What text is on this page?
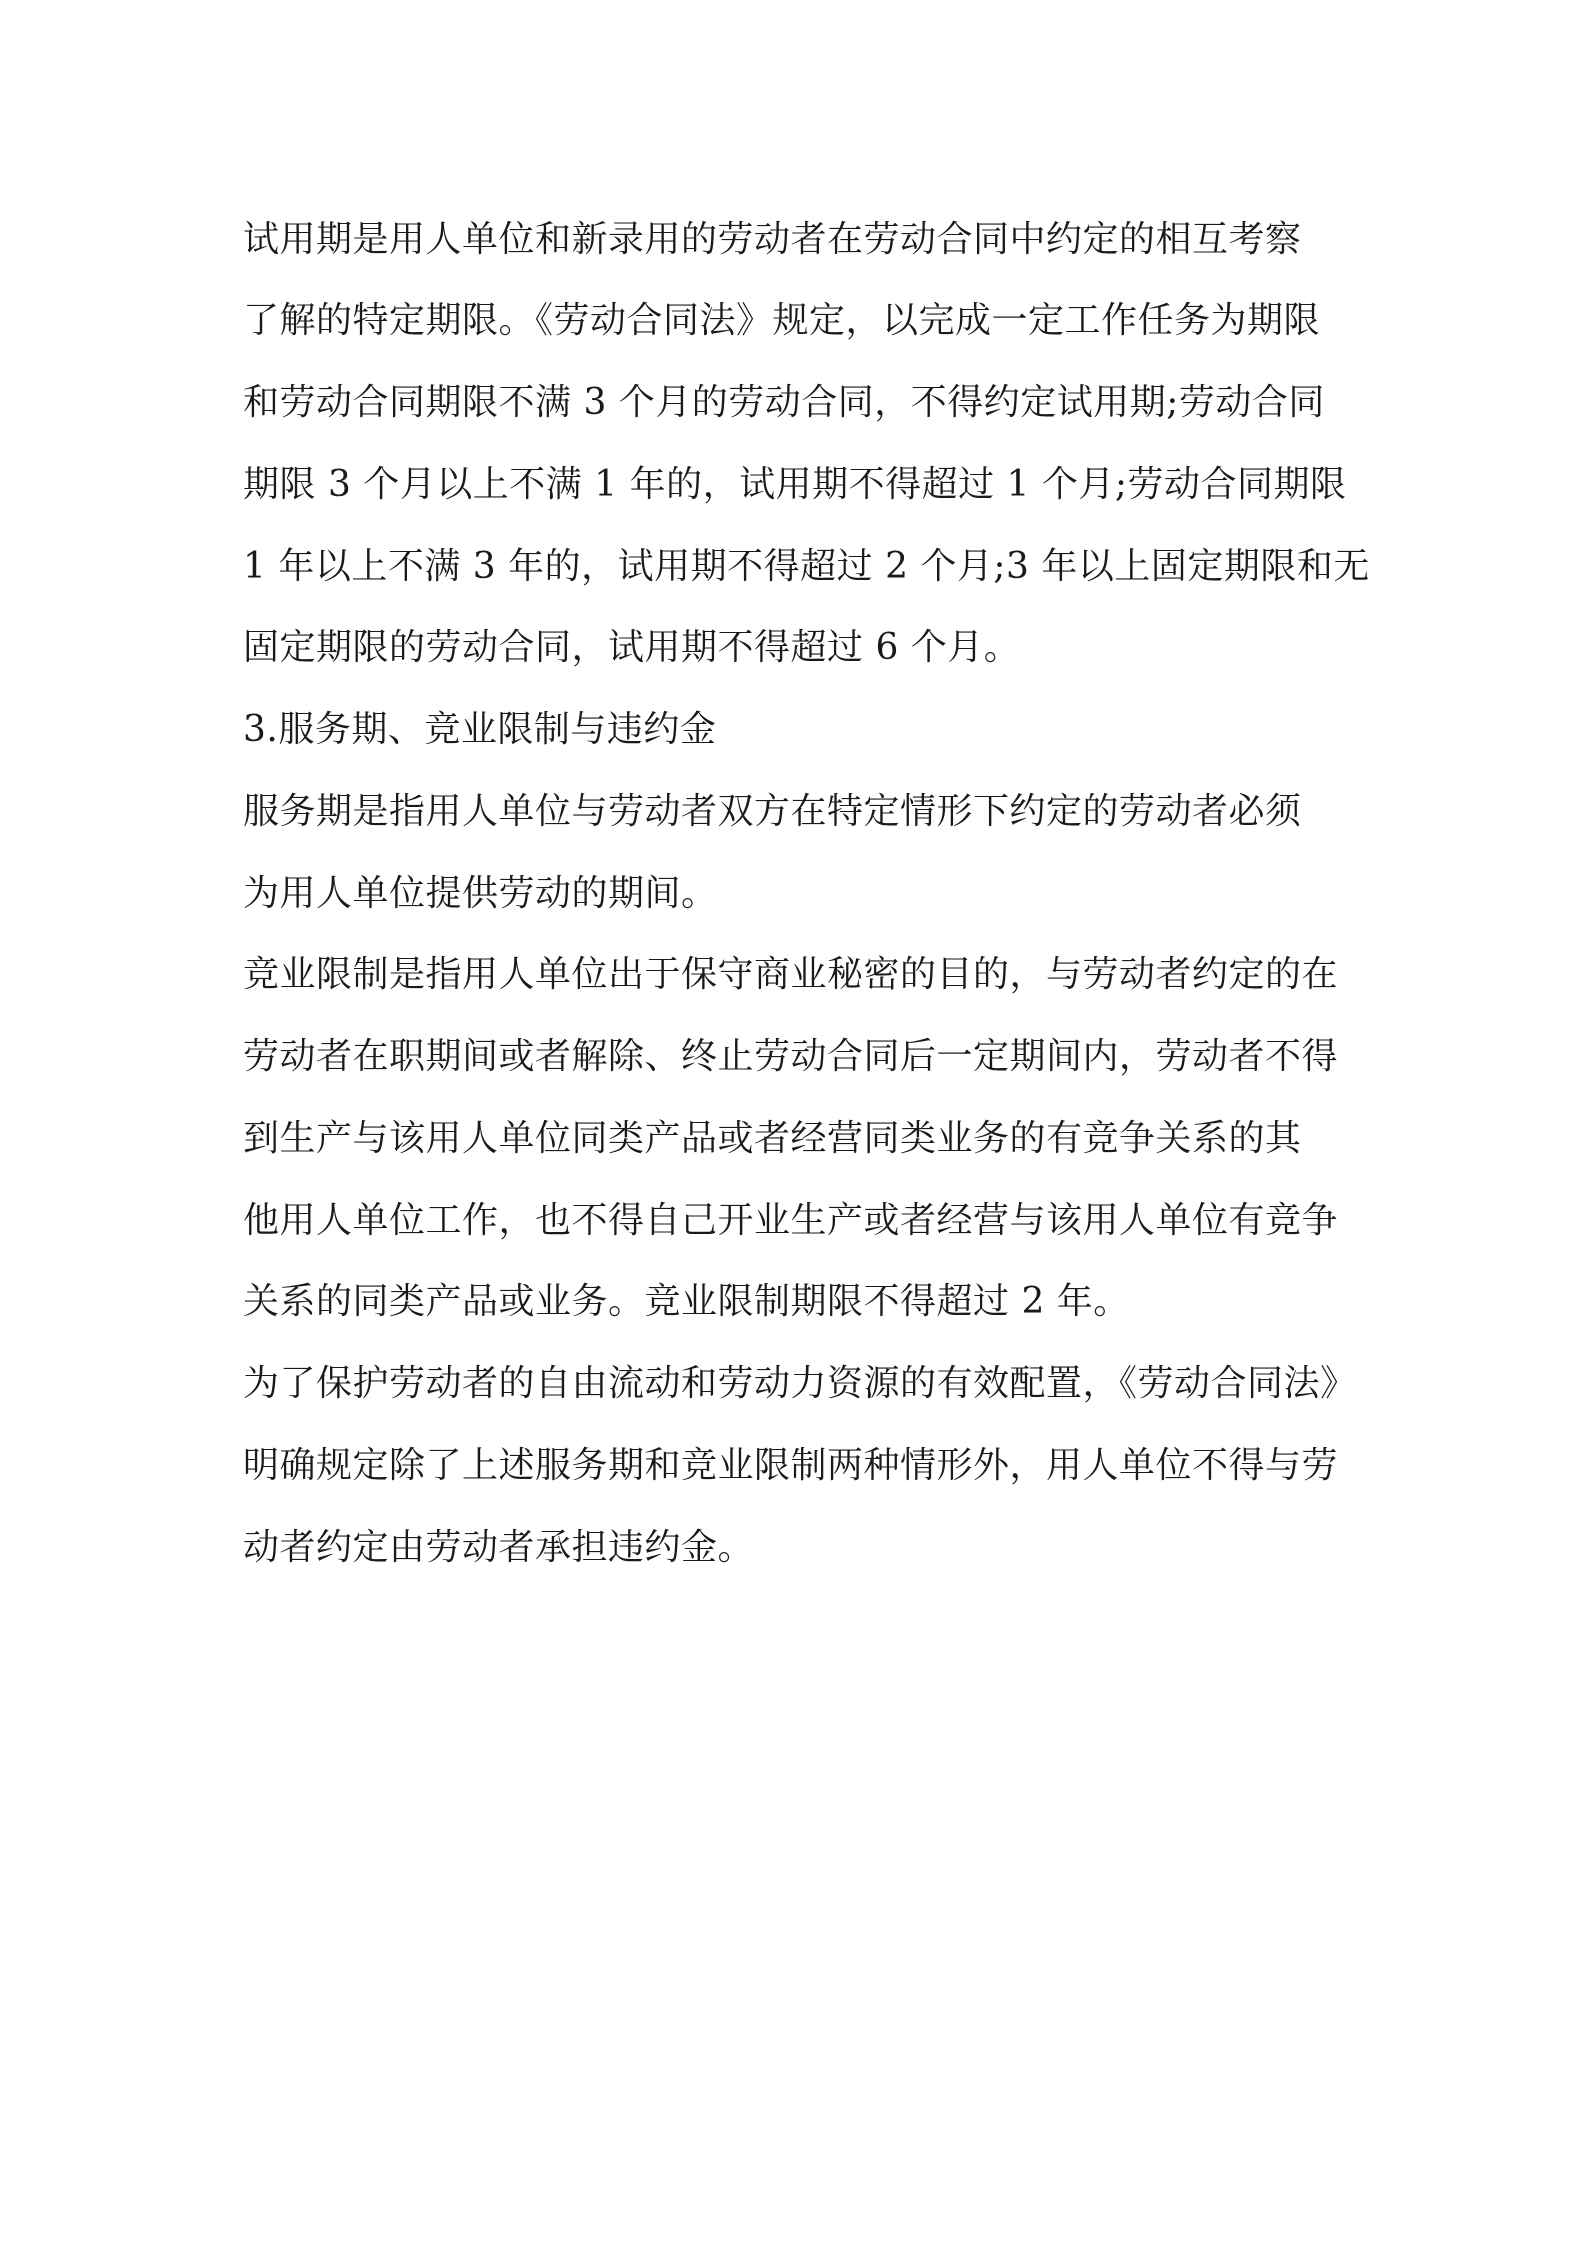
试用期是用人单位和新录用的劳动者在劳动合同中约定的相互考察
了解的特定期限。《劳动合同法》规定，以完成一定工作任务为期限
和劳动合同期限不满 3 个月的劳动合同，不得约定试用期;劳动合同
期限 3 个月以上不满 1 年的，试用期不得超过 1 个月;劳动合同期限
1 年以上不满 3 年的，试用期不得超过 2 个月;3 年以上固定期限和无
固定期限的劳动合同，试用期不得超过 6 个月。
3.服务期、竞业限制与违约金
服务期是指用人单位与劳动者双方在特定情形下约定的劳动者必须
为用人单位提供劳动的期间。
竞业限制是指用人单位出于保守商业秘密的目的，与劳动者约定的在
劳动者在职期间或者解除、终止劳动合同后一定期间内，劳动者不得
到生产与该用人单位同类产品或者经营同类业务的有竞争关系的其
他用人单位工作，也不得自己开业生产或者经营与该用人单位有竞争
关系的同类产品或业务。竞业限制期限不得超过 2 年。
为了保护劳动者的自由流动和劳动力资源的有效配置，《劳动合同法》
明确规定除了上述服务期和竞业限制两种情形外，用人单位不得与劳
动者约定由劳动者承担违约金。
